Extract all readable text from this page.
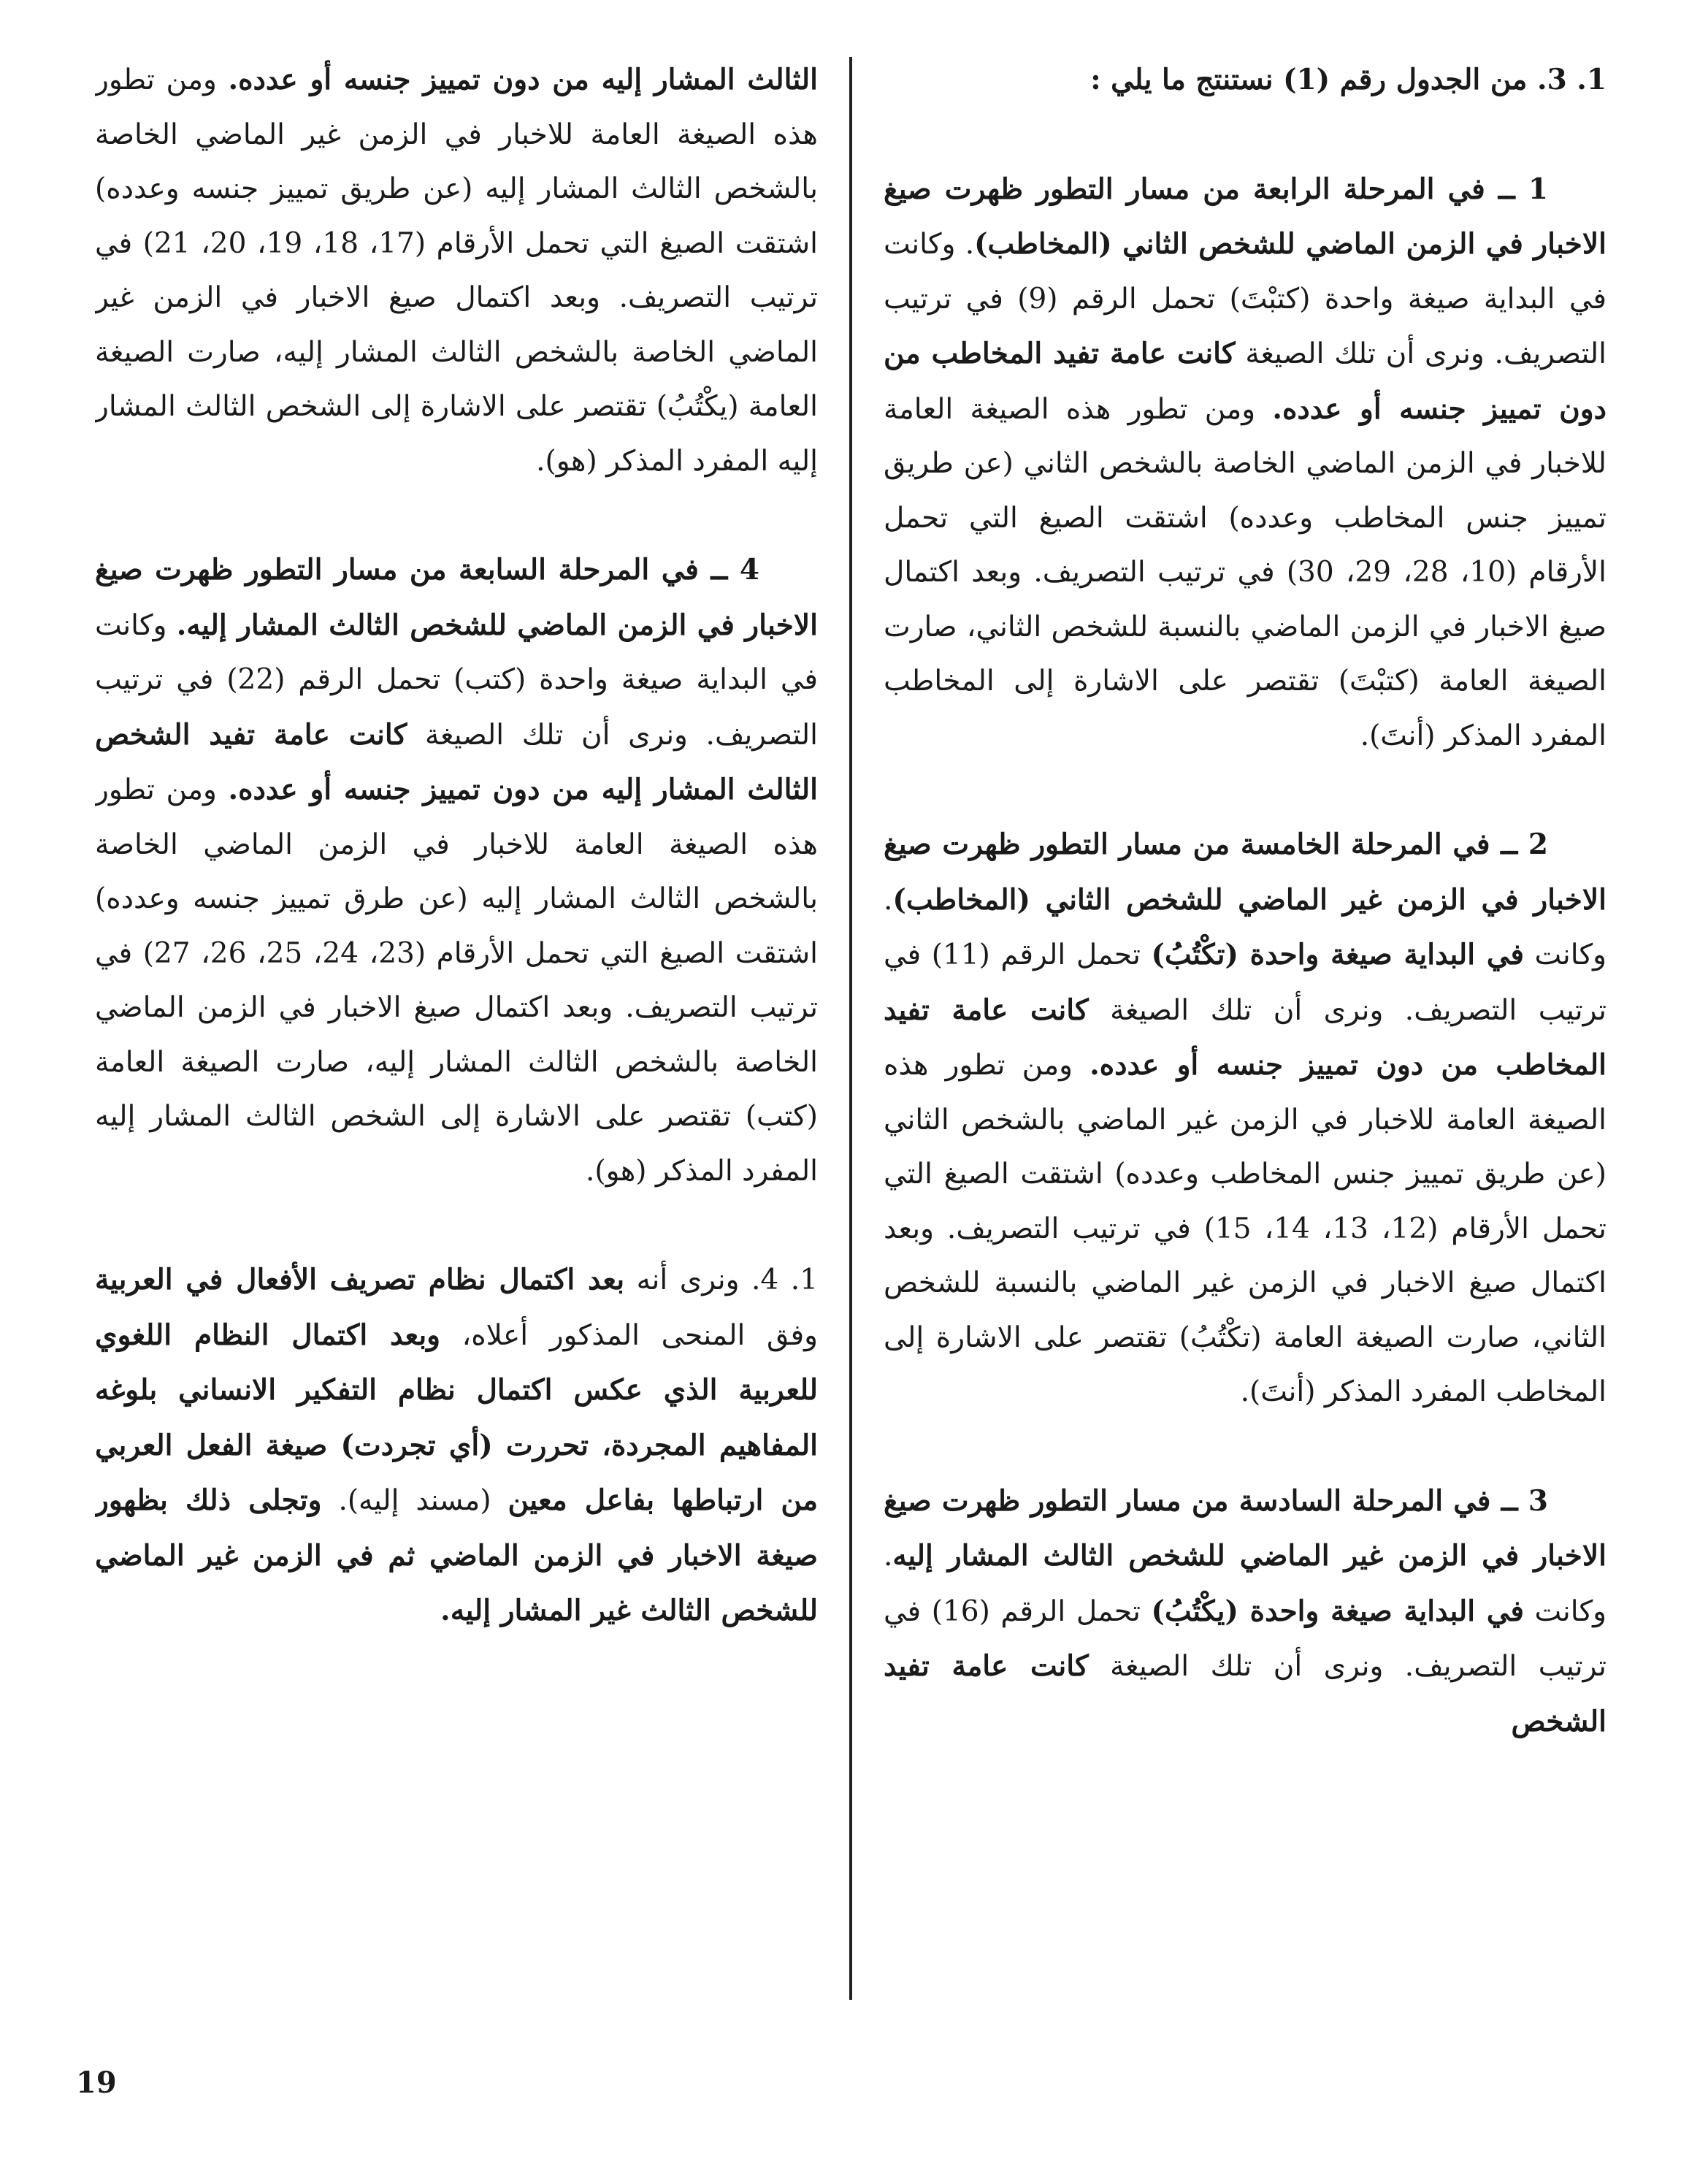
1. 3. من الجدول رقم (1) نستنتج ما يلي :

1 ــ في المرحلة الرابعة من مسار التطور ظهرت صيغ الاخبار في الزمن الماضي للشخص الثاني (المخاطب). وكانت في البداية صيغة واحدة (كتبْتَ) تحمل الرقم (9) في ترتيب التصريف. ونرى أن تلك الصيغة كانت عامة تفيد المخاطب من دون تمييز جنسه أو عدده. ومن تطور هذه الصيغة العامة للاخبار في الزمن الماضي الخاصة بالشخص الثاني (عن طريق تمييز جنس المخاطب وعدده) اشتقت الصيغ التي تحمل الأرقام (10، 28، 29، 30) في ترتيب التصريف. وبعد اكتمال صيغ الاخبار في الزمن الماضي بالنسبة للشخص الثاني، صارت الصيغة العامة (كتبْتَ) تقتصر على الاشارة إلى المخاطب المفرد المذكر (أنتَ).

2 ــ في المرحلة الخامسة من مسار التطور ظهرت صيغ الاخبار في الزمن غير الماضي للشخص الثاني (المخاطب). وكانت في البداية صيغة واحدة (تكْتُبُ) تحمل الرقم (11) في ترتيب التصريف. ونرى أن تلك الصيغة كانت عامة تفيد المخاطب من دون تمييز جنسه أو عدده. ومن تطور هذه الصيغة العامة للاخبار في الزمن غير الماضي بالشخص الثاني (عن طريق تمييز جنس المخاطب وعدده) اشتقت الصيغ التي تحمل الأرقام (12، 13، 14، 15) في ترتيب التصريف. وبعد اكتمال صيغ الاخبار في الزمن غير الماضي بالنسبة للشخص الثاني، صارت الصيغة العامة (تكْتُبُ) تقتصر على الاشارة إلى المخاطب المفرد المذكر (أنتَ).

3 ــ في المرحلة السادسة من مسار التطور ظهرت صيغ الاخبار في الزمن غير الماضي للشخص الثالث المشار إليه. وكانت في البداية صيغة واحدة (يكْتُبُ) تحمل الرقم (16) في ترتيب التصريف. ونرى أن تلك الصيغة كانت عامة تفيد الشخص

الثالث المشار إليه من دون تمييز جنسه أو عدده. ومن تطور هذه الصيغة العامة للاخبار في الزمن غير الماضي الخاصة بالشخص الثالث المشار إليه (عن طريق تمييز جنسه وعدده) اشتقت الصيغ التي تحمل الأرقام (17، 18، 19، 20، 21) في ترتيب التصريف. وبعد اكتمال صيغ الاخبار في الزمن غير الماضي الخاصة بالشخص الثالث المشار إليه، صارت الصيغة العامة (يكْتُبُ) تقتصر على الاشارة إلى الشخص الثالث المشار إليه المفرد المذكر (هو).

4 ــ في المرحلة السابعة من مسار التطور ظهرت صيغ الاخبار في الزمن الماضي للشخص الثالث المشار إليه. وكانت في البداية صيغة واحدة (كتب) تحمل الرقم (22) في ترتيب التصريف. ونرى أن تلك الصيغة كانت عامة تفيد الشخص الثالث المشار إليه من دون تمييز جنسه أو عدده. ومن تطور هذه الصيغة العامة للاخبار في الزمن الماضي الخاصة بالشخص الثالث المشار إليه (عن طرق تمييز جنسه وعدده) اشتقت الصيغ التي تحمل الأرقام (23، 24، 25، 26، 27) في ترتيب التصريف. وبعد اكتمال صيغ الاخبار في الزمن الماضي الخاصة بالشخص الثالث المشار إليه، صارت الصيغة العامة (كتب) تقتصر على الاشارة إلى الشخص الثالث المشار إليه المفرد المذكر (هو).

1. 4. ونرى أنه بعد اكتمال نظام تصريف الأفعال في العربية وفق المنحى المذكور أعلاه، وبعد اكتمال النظام اللغوي للعربية الذي عكس اكتمال نظام التفكير الانساني بلوغه المفاهيم المجردة، تحررت (أي تجردت) صيغة الفعل العربي من ارتباطها بفاعل معين (مسند إليه). وتجلى ذلك بظهور صيغة الاخبار في الزمن الماضي ثم في الزمن غير الماضي للشخص الثالث غير المشار إليه.

19
